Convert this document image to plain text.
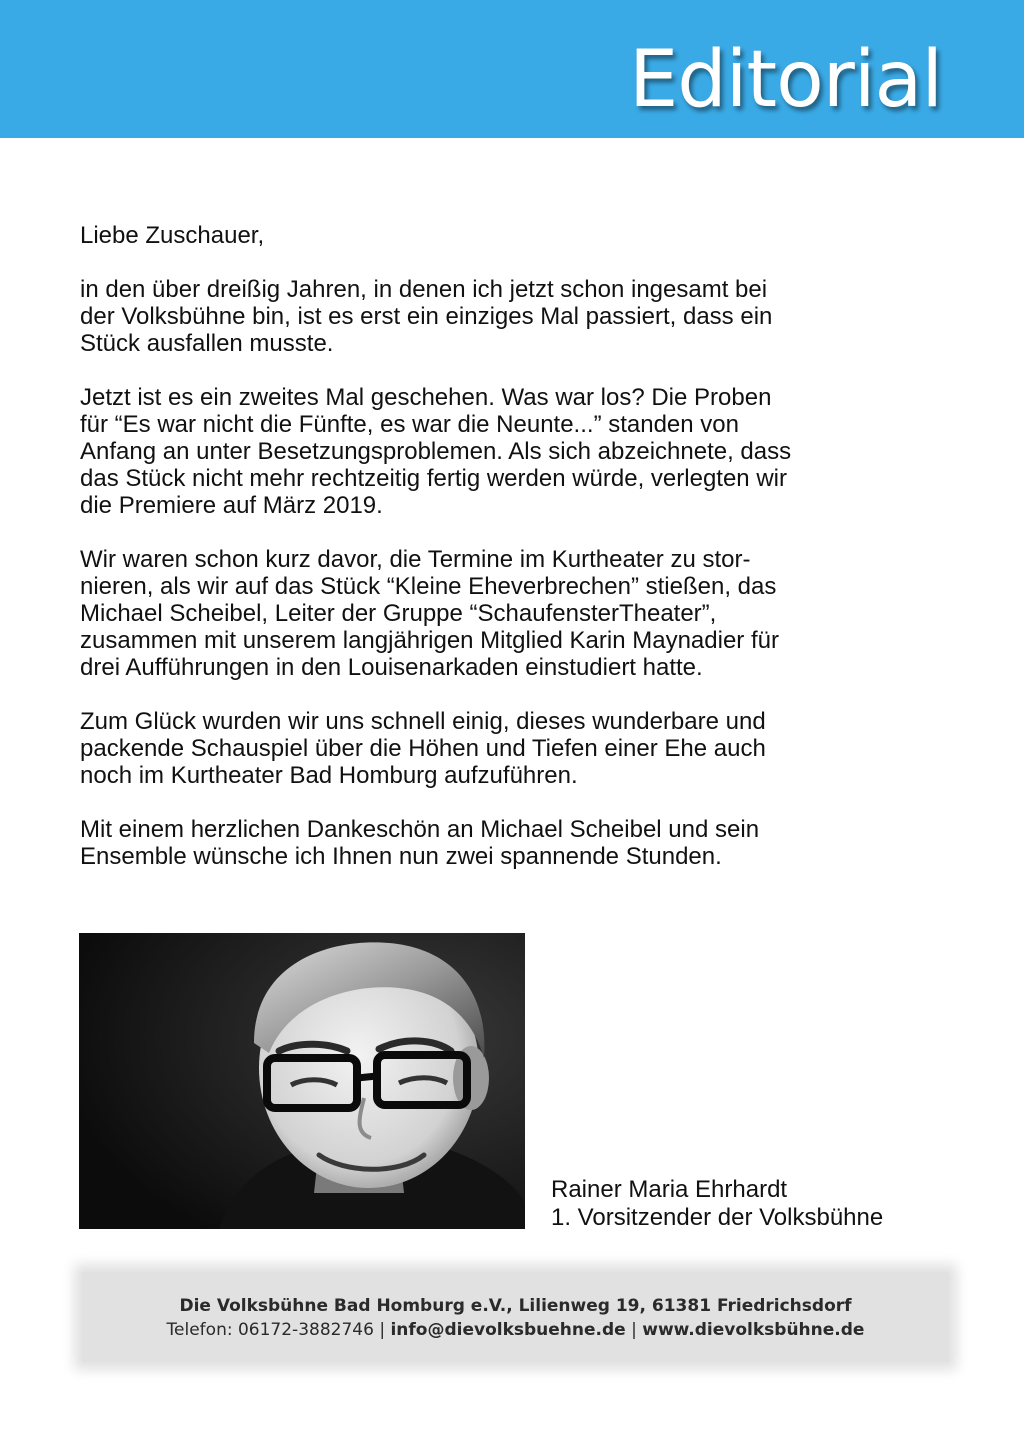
Editorial

Liebe Zuschauer,

in den über dreißig Jahren, in denen ich jetzt schon ingesamt bei
der Volksbühne bin, ist es erst ein einziges Mal passiert, dass ein
Stück ausfallen musste.

Jetzt ist es ein zweites Mal geschehen. Was war los? Die Proben
für “Es war nicht die Fünfte, es war die Neunte...” standen von
Anfang an unter Besetzungsproblemen. Als sich abzeichnete, dass
das Stück nicht mehr rechtzeitig fertig werden würde, verlegten wir
die Premiere auf März 2019.

Wir waren schon kurz davor, die Termine im Kurtheater zu stor-
nieren, als wir auf das Stück “Kleine Eheverbrechen” stießen, das
Michael Scheibel, Leiter der Gruppe “SchaufensterTheater”,
zusammen mit unserem langjährigen Mitglied Karin Maynadier für
drei Aufführungen in den Louisenarkaden einstudiert hatte.

Zum Glück wurden wir uns schnell einig, dieses wunderbare und
packende Schauspiel über die Höhen und Tiefen einer Ehe auch
noch im Kurtheater Bad Homburg aufzuführen.

Mit einem herzlichen Dankeschön an Michael Scheibel und sein
Ensemble wünsche ich Ihnen nun zwei spannende Stunden.

Rainer Maria Ehrhardt
1. Vorsitzender der Volksbühne
Die Volksbühne Bad Homburg e.V., Lilienweg 19, 61381 Friedrichsdorf
Telefon: 06172-3882746 | info@dievolksbuehne.de | www.dievolksbühne.de
